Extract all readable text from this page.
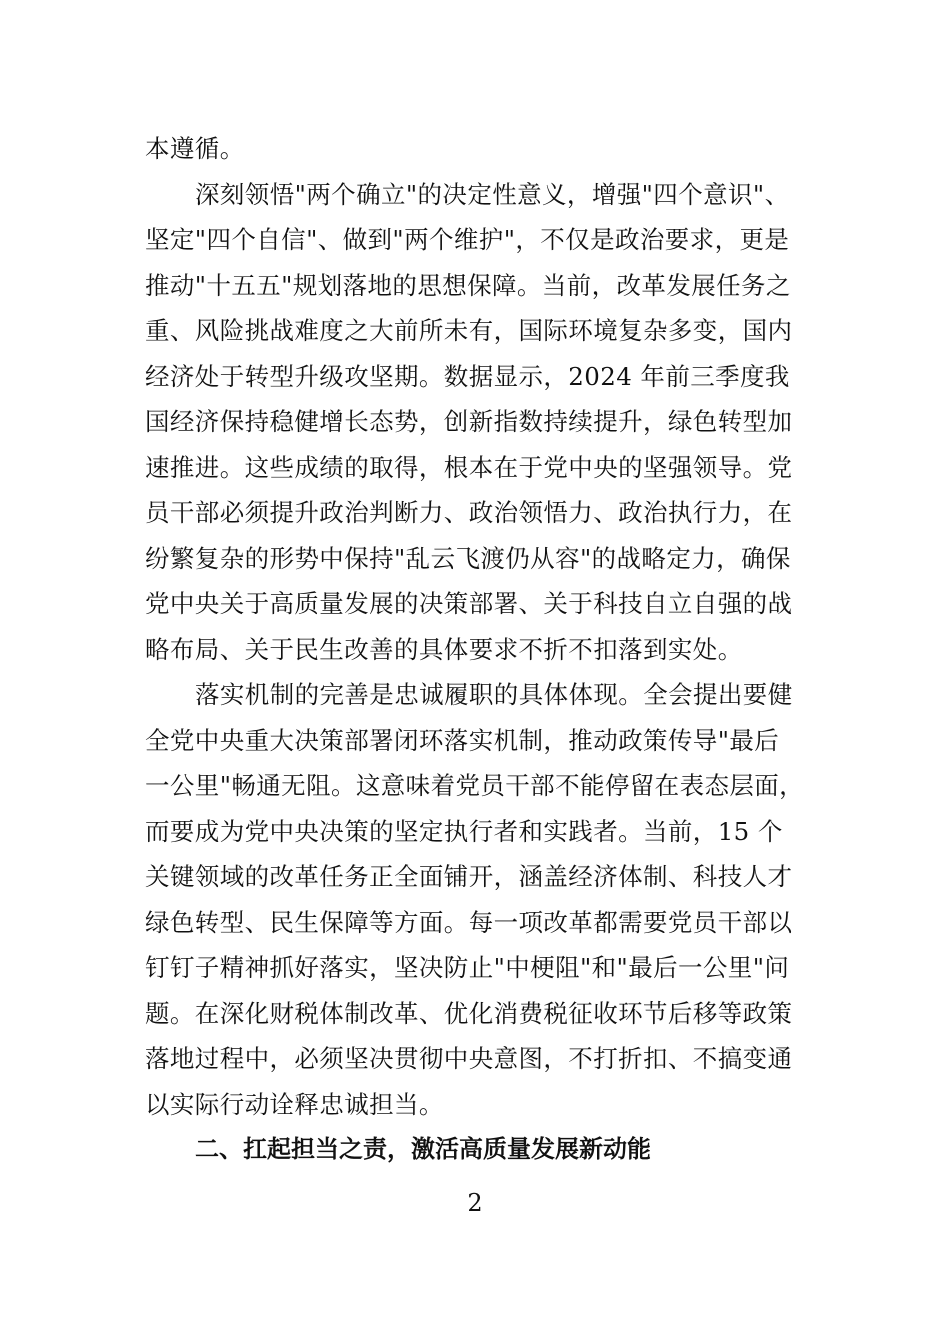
本遵循。

深刻领悟"两个确立"的决定性意义，增强"四个意识"、
坚定"四个自信"、做到"两个维护"，不仅是政治要求，更是
推动"十五五"规划落地的思想保障。当前，改革发展任务之
重、风险挑战难度之大前所未有，国际环境复杂多变，国内
经济处于转型升级攻坚期。数据显示，2024 年前三季度我
国经济保持稳健增长态势，创新指数持续提升，绿色转型加
速推进。这些成绩的取得，根本在于党中央的坚强领导。党
员干部必须提升政治判断力、政治领悟力、政治执行力，在
纷繁复杂的形势中保持"乱云飞渡仍从容"的战略定力，确保
党中央关于高质量发展的决策部署、关于科技自立自强的战
略布局、关于民生改善的具体要求不折不扣落到实处。

落实机制的完善是忠诚履职的具体体现。全会提出要健
全党中央重大决策部署闭环落实机制，推动政策传导"最后
一公里"畅通无阻。这意味着党员干部不能停留在表态层面，
而要成为党中央决策的坚定执行者和实践者。当前，15 个
关键领域的改革任务正全面铺开，涵盖经济体制、科技人才
绿色转型、民生保障等方面。每一项改革都需要党员干部以
钉钉子精神抓好落实，坚决防止"中梗阻"和"最后一公里"问
题。在深化财税体制改革、优化消费税征收环节后移等政策
落地过程中，必须坚决贯彻中央意图，不打折扣、不搞变通
以实际行动诠释忠诚担当。

二、扛起担当之责，激活高质量发展新动能

2
